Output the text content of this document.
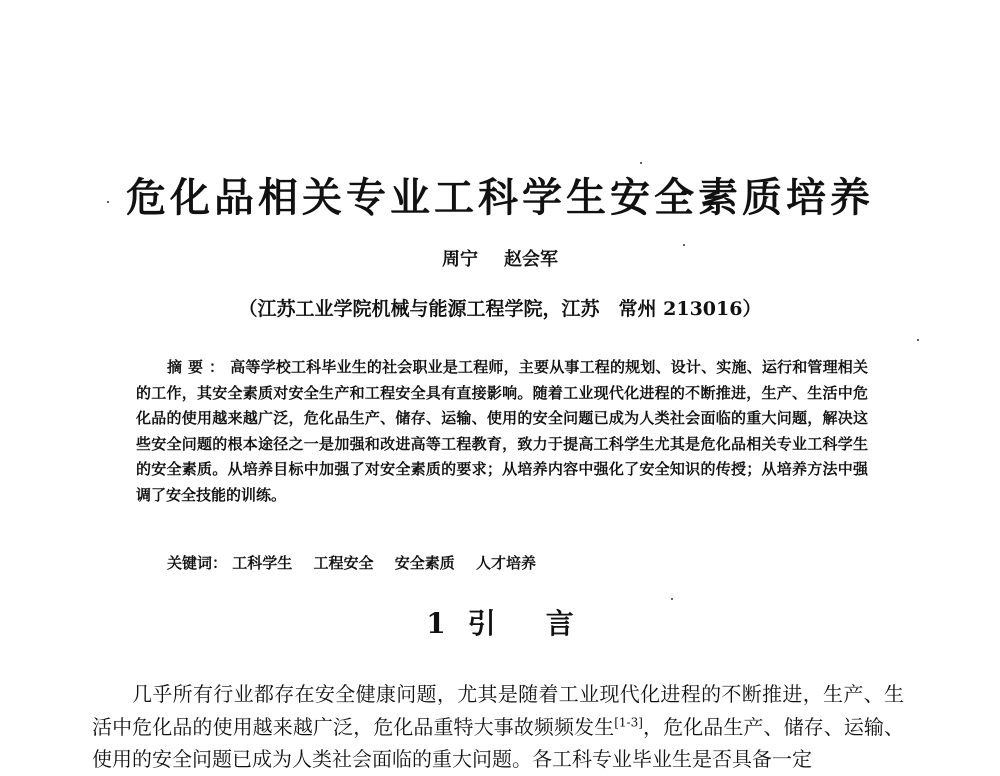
危化品相关专业工科学生安全素质培养
周宁 赵会军
（江苏工业学院机械与能源工程学院，江苏　常州 213016）
摘要：高等学校工科毕业生的社会职业是工程师，主要从事工程的规划、设计、实施、运行和管理相关的工作，其安全素质对安全生产和工程安全具有直接影响。随着工业现代化进程的不断推进，生产、生活中危化品的使用越来越广泛，危化品生产、储存、运输、使用的安全问题已成为人类社会面临的重大问题，解决这些安全问题的根本途径之一是加强和改进高等工程教育，致力于提高工科学生尤其是危化品相关专业工科学生的安全素质。从培养目标中加强了对安全素质的要求；从培养内容中强化了安全知识的传授；从培养方法中强调了安全技能的训练。
关键词： 工科学生 工程安全 安全素质 人才培养
1 引言
几乎所有行业都存在安全健康问题，尤其是随着工业现代化进程的不断推进，生产、生活中危化品的使用越来越广泛，危化品重特大事故频频发生[1-3]，危化品生产、储存、运输、使用的安全问题已成为人类社会面临的重大问题。各工科专业毕业生是否具备一定
